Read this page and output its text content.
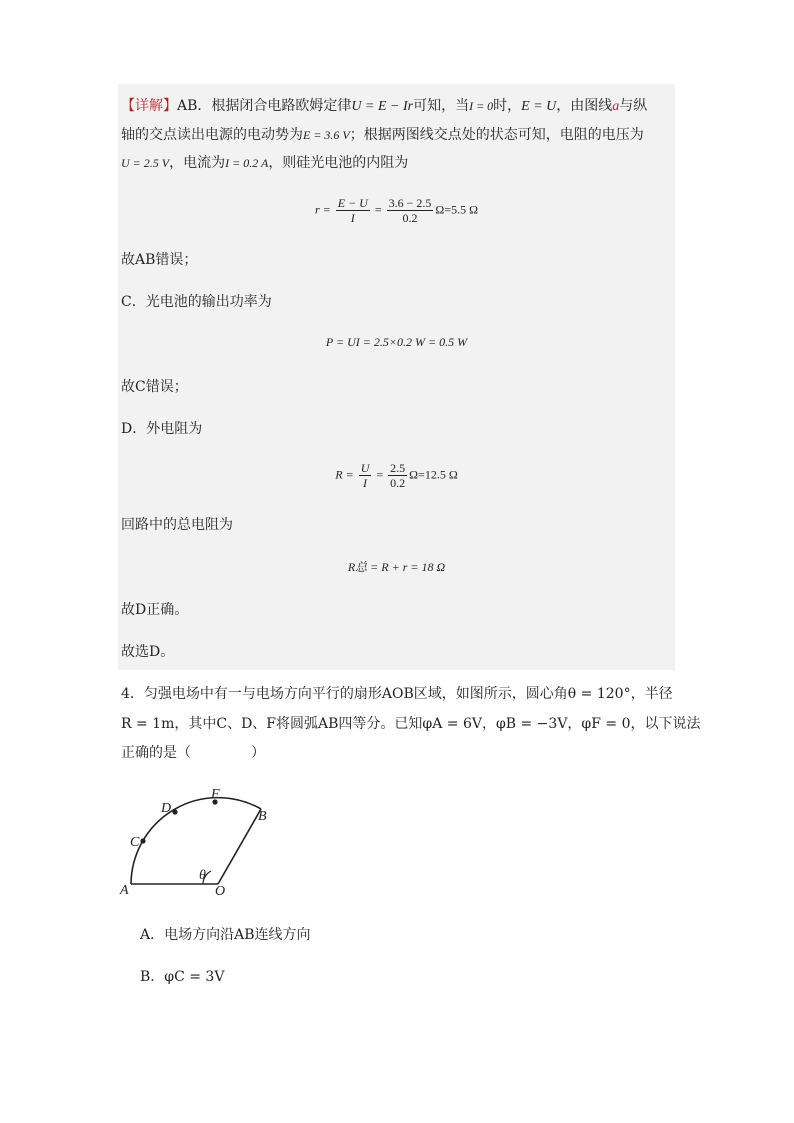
【详解】AB．根据闭合电路欧姆定律U = E − Ir可知，当I = 0时，E = U，由图线a与纵
轴的交点读出电源的电动势为E = 3.6 V；根据两图线交点处的状态可知，电阻的电压为
U = 2.5 V，电流为I = 0.2 A，则硅光电池的内阻为
$r = \frac{E - U}{I} = \frac{3.6 - 2.5}{0.2} \Omega=5.5$ Ω
故AB错误；
C．光电池的输出功率为
P = UI = 2.5×0.2 W = 0.5 W
故C错误；
D．外电阻为
$R = \frac{U}{I} = \frac{2.5}{0.2} \Omega=12.5$ Ω
回路中的总电阻为
R总 = R + r = 18 Ω
故D正确。
故选D。
4．匀强电场中有一与电场方向平行的扇形AOB区域，如图所示，圆心角θ = 120°，半径
R = 1m，其中C、D、F将圆弧AB四等分。已知φA = 6V，φB = −3V，φF = 0，以下说法
正确的是（	）
A	O
B
C
D
F
θ
A．电场方向沿AB连线方向
B．φC = 3V
